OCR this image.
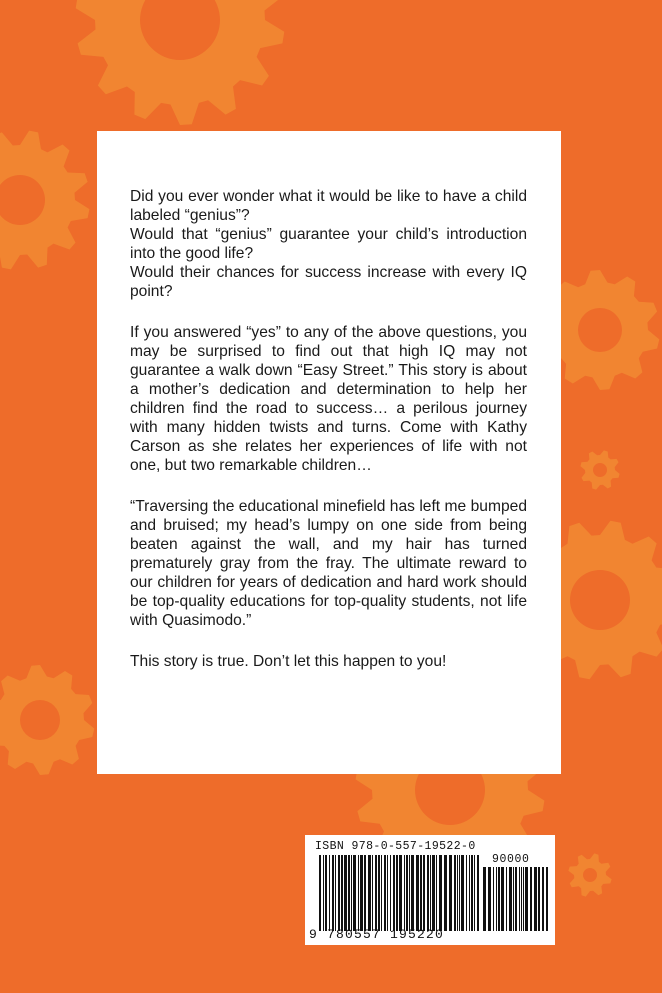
Did you ever wonder what it would be like to have a child labeled “genius”?
Would that “genius” guarantee your child’s introduction into the good life?
Would their chances for success increase with every IQ point?

If you answered “yes” to any of the above questions, you may be surprised to find out that high IQ may not guarantee a walk down “Easy Street.” This story is about a mother’s dedication and determination to help her children find the road to success… a perilous journey with many hidden twists and turns. Come with Kathy Carson as she relates her experiences of life with not one, but two remarkable children…

“Traversing the educational minefield has left me bumped and bruised; my head’s lumpy on one side from being beaten against the wall, and my hair has turned prematurely gray from the fray. The ultimate reward to our children for years of dedication and hard work should be top-quality educations for top-quality students, not life with Quasimodo.”

This story is true. Don’t let this happen to you!

ISBN 978-0-557-19522-0
90000
9 780557 195220
